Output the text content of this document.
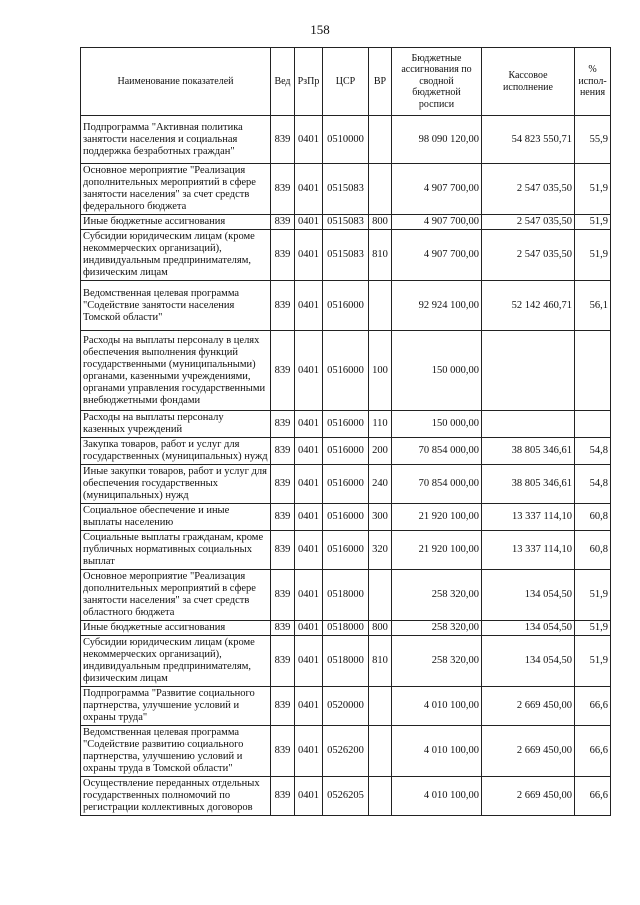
158
Наименование показателей	Вед	РзПр	ЦСР	ВР	Бюджетные ассигнования по сводной бюджетной росписи	Кассовое исполнение	% испол-нения
Подпрограмма "Активная политика занятости населения и социальная поддержка безработных граждан"	839	0401	0510000		98 090 120,00	54 823 550,71	55,9
Основное мероприятие "Реализация дополнительных мероприятий в сфере занятости населения" за счет средств федерального бюджета	839	0401	0515083		4 907 700,00	2 547 035,50	51,9
Иные бюджетные ассигнования	839	0401	0515083	800	4 907 700,00	2 547 035,50	51,9
Субсидии юридическим лицам (кроме некоммерческих организаций), индивидуальным предпринимателям, физическим лицам	839	0401	0515083	810	4 907 700,00	2 547 035,50	51,9
Ведомственная целевая программа "Содействие занятости населения Томской области"	839	0401	0516000		92 924 100,00	52 142 460,71	56,1
Расходы на выплаты персоналу в целях обеспечения выполнения функций государственными (муниципальными) органами, казенными учреждениями, органами управления государственными внебюджетными фондами	839	0401	0516000	100	150 000,00		
Расходы на выплаты персоналу казенных учреждений	839	0401	0516000	110	150 000,00		
Закупка товаров, работ и услуг для государственных (муниципальных) нужд	839	0401	0516000	200	70 854 000,00	38 805 346,61	54,8
Иные закупки товаров, работ и услуг для обеспечения государственных (муниципальных) нужд	839	0401	0516000	240	70 854 000,00	38 805 346,61	54,8
Социальное обеспечение и иные выплаты населению	839	0401	0516000	300	21 920 100,00	13 337 114,10	60,8
Социальные выплаты гражданам, кроме публичных нормативных социальных выплат	839	0401	0516000	320	21 920 100,00	13 337 114,10	60,8
Основное мероприятие "Реализация дополнительных мероприятий в сфере занятости населения" за счет средств областного бюджета	839	0401	0518000		258 320,00	134 054,50	51,9
Иные бюджетные ассигнования	839	0401	0518000	800	258 320,00	134 054,50	51,9
Субсидии юридическим лицам (кроме некоммерческих организаций), индивидуальным предпринимателям, физическим лицам	839	0401	0518000	810	258 320,00	134 054,50	51,9
Подпрограмма "Развитие социального партнерства, улучшение условий и охраны труда"	839	0401	0520000		4 010 100,00	2 669 450,00	66,6
Ведомственная целевая программа "Содействие развитию социального партнерства, улучшению условий и охраны труда в Томской области"	839	0401	0526200		4 010 100,00	2 669 450,00	66,6
Осуществление переданных отдельных государственных полномочий по регистрации коллективных договоров	839	0401	0526205		4 010 100,00	2 669 450,00	66,6
